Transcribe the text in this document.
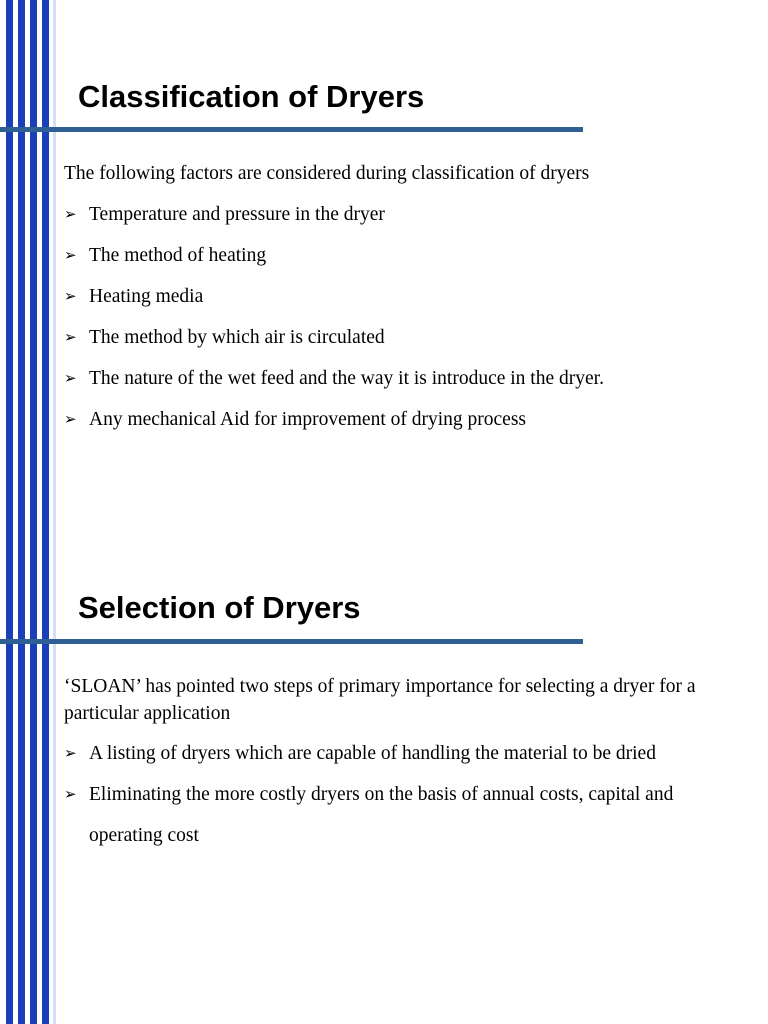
Classification of Dryers
The following factors are considered during classification of dryers
➢ Temperature and pressure in the dryer
➢ The method of heating
➢ Heating media
➢ The method by which air is circulated
➢ The nature of the wet feed and the way it is introduce in the dryer.
➢ Any mechanical Aid for improvement of drying process
Selection of Dryers
‘SLOAN’ has pointed two steps of primary importance for selecting a dryer for a particular application
➢ A listing of dryers which are capable of handling the material to be dried
➢ Eliminating the more costly dryers on the basis of annual costs, capital and operating cost
